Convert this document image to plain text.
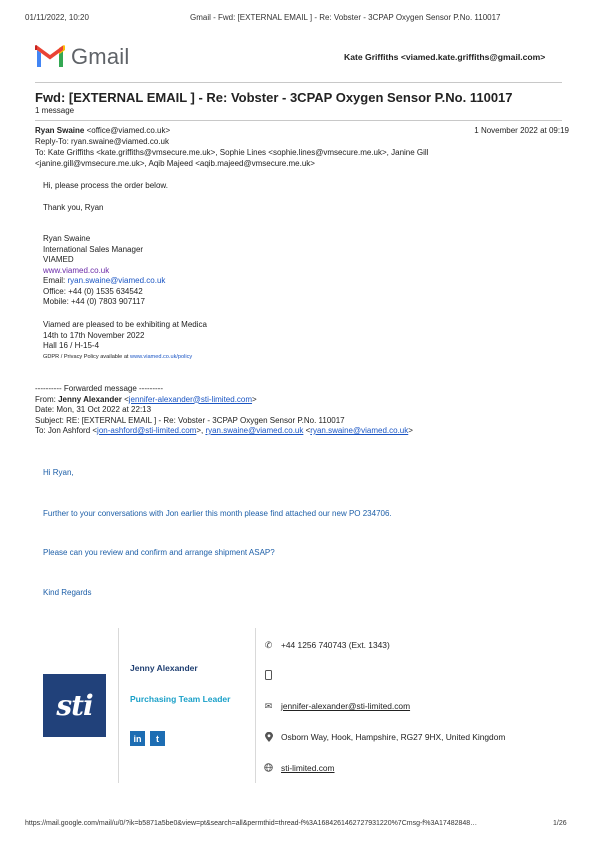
01/11/2022, 10:20	Gmail - Fwd: [EXTERNAL EMAIL ] - Re: Vobster - 3CPAP Oxygen Sensor P.No. 110017
Gmail	Kate Griffiths <viamed.kate.griffiths@gmail.com>
Fwd: [EXTERNAL EMAIL ] - Re: Vobster - 3CPAP Oxygen Sensor P.No. 110017
1 message
Ryan Swaine <office@viamed.co.uk>	1 November 2022 at 09:19
Reply-To: ryan.swaine@viamed.co.uk
To: Kate Griffiths <kate.griffiths@vmsecure.me.uk>, Sophie Lines <sophie.lines@vmsecure.me.uk>, Janine Gill
<janine.gill@vmsecure.me.uk>, Aqib Majeed <aqib.majeed@vmsecure.me.uk>
Hi, please process the order below.
Thank you, Ryan
Ryan Swaine
International Sales Manager
VIAMED
www.viamed.co.uk
Email: ryan.swaine@viamed.co.uk
Office: +44 (0) 1535 634542
Mobile: +44 (0) 7803 907117
Viamed are pleased to be exhibiting at Medica
14th to 17th November 2022
Hall 16 / H-15-4
GDPR / Privacy Policy available at www.viamed.co.uk/policy
---------- Forwarded message ---------
From: Jenny Alexander <jennifer-alexander@sti-limited.com>
Date: Mon, 31 Oct 2022 at 22:13
Subject: RE: [EXTERNAL EMAIL ] - Re: Vobster - 3CPAP Oxygen Sensor P.No. 110017
To: Jon Ashford <jon-ashford@sti-limited.com>, ryan.swaine@viamed.co.uk <ryan.swaine@viamed.co.uk>
Hi Ryan,
Further to your conversations with Jon earlier this month please find attached our new PO 234706.
Please can you review and confirm and arrange shipment ASAP?
Kind Regards
sti
Jenny Alexander
Purchasing Team Leader
in	t
✆ +44 1256 740743 (Ext. 1343)
✉ jennifer-alexander@sti-limited.com
Osborn Way, Hook, Hampshire, RG27 9HX, United Kingdom
sti-limited.com
https://mail.google.com/mail/u/0/?ik=b5871a5be0&view=pt&search=all&permthid=thread-f%3A1684261462727931220%7Cmsg-f%3A17482848…	1/26
